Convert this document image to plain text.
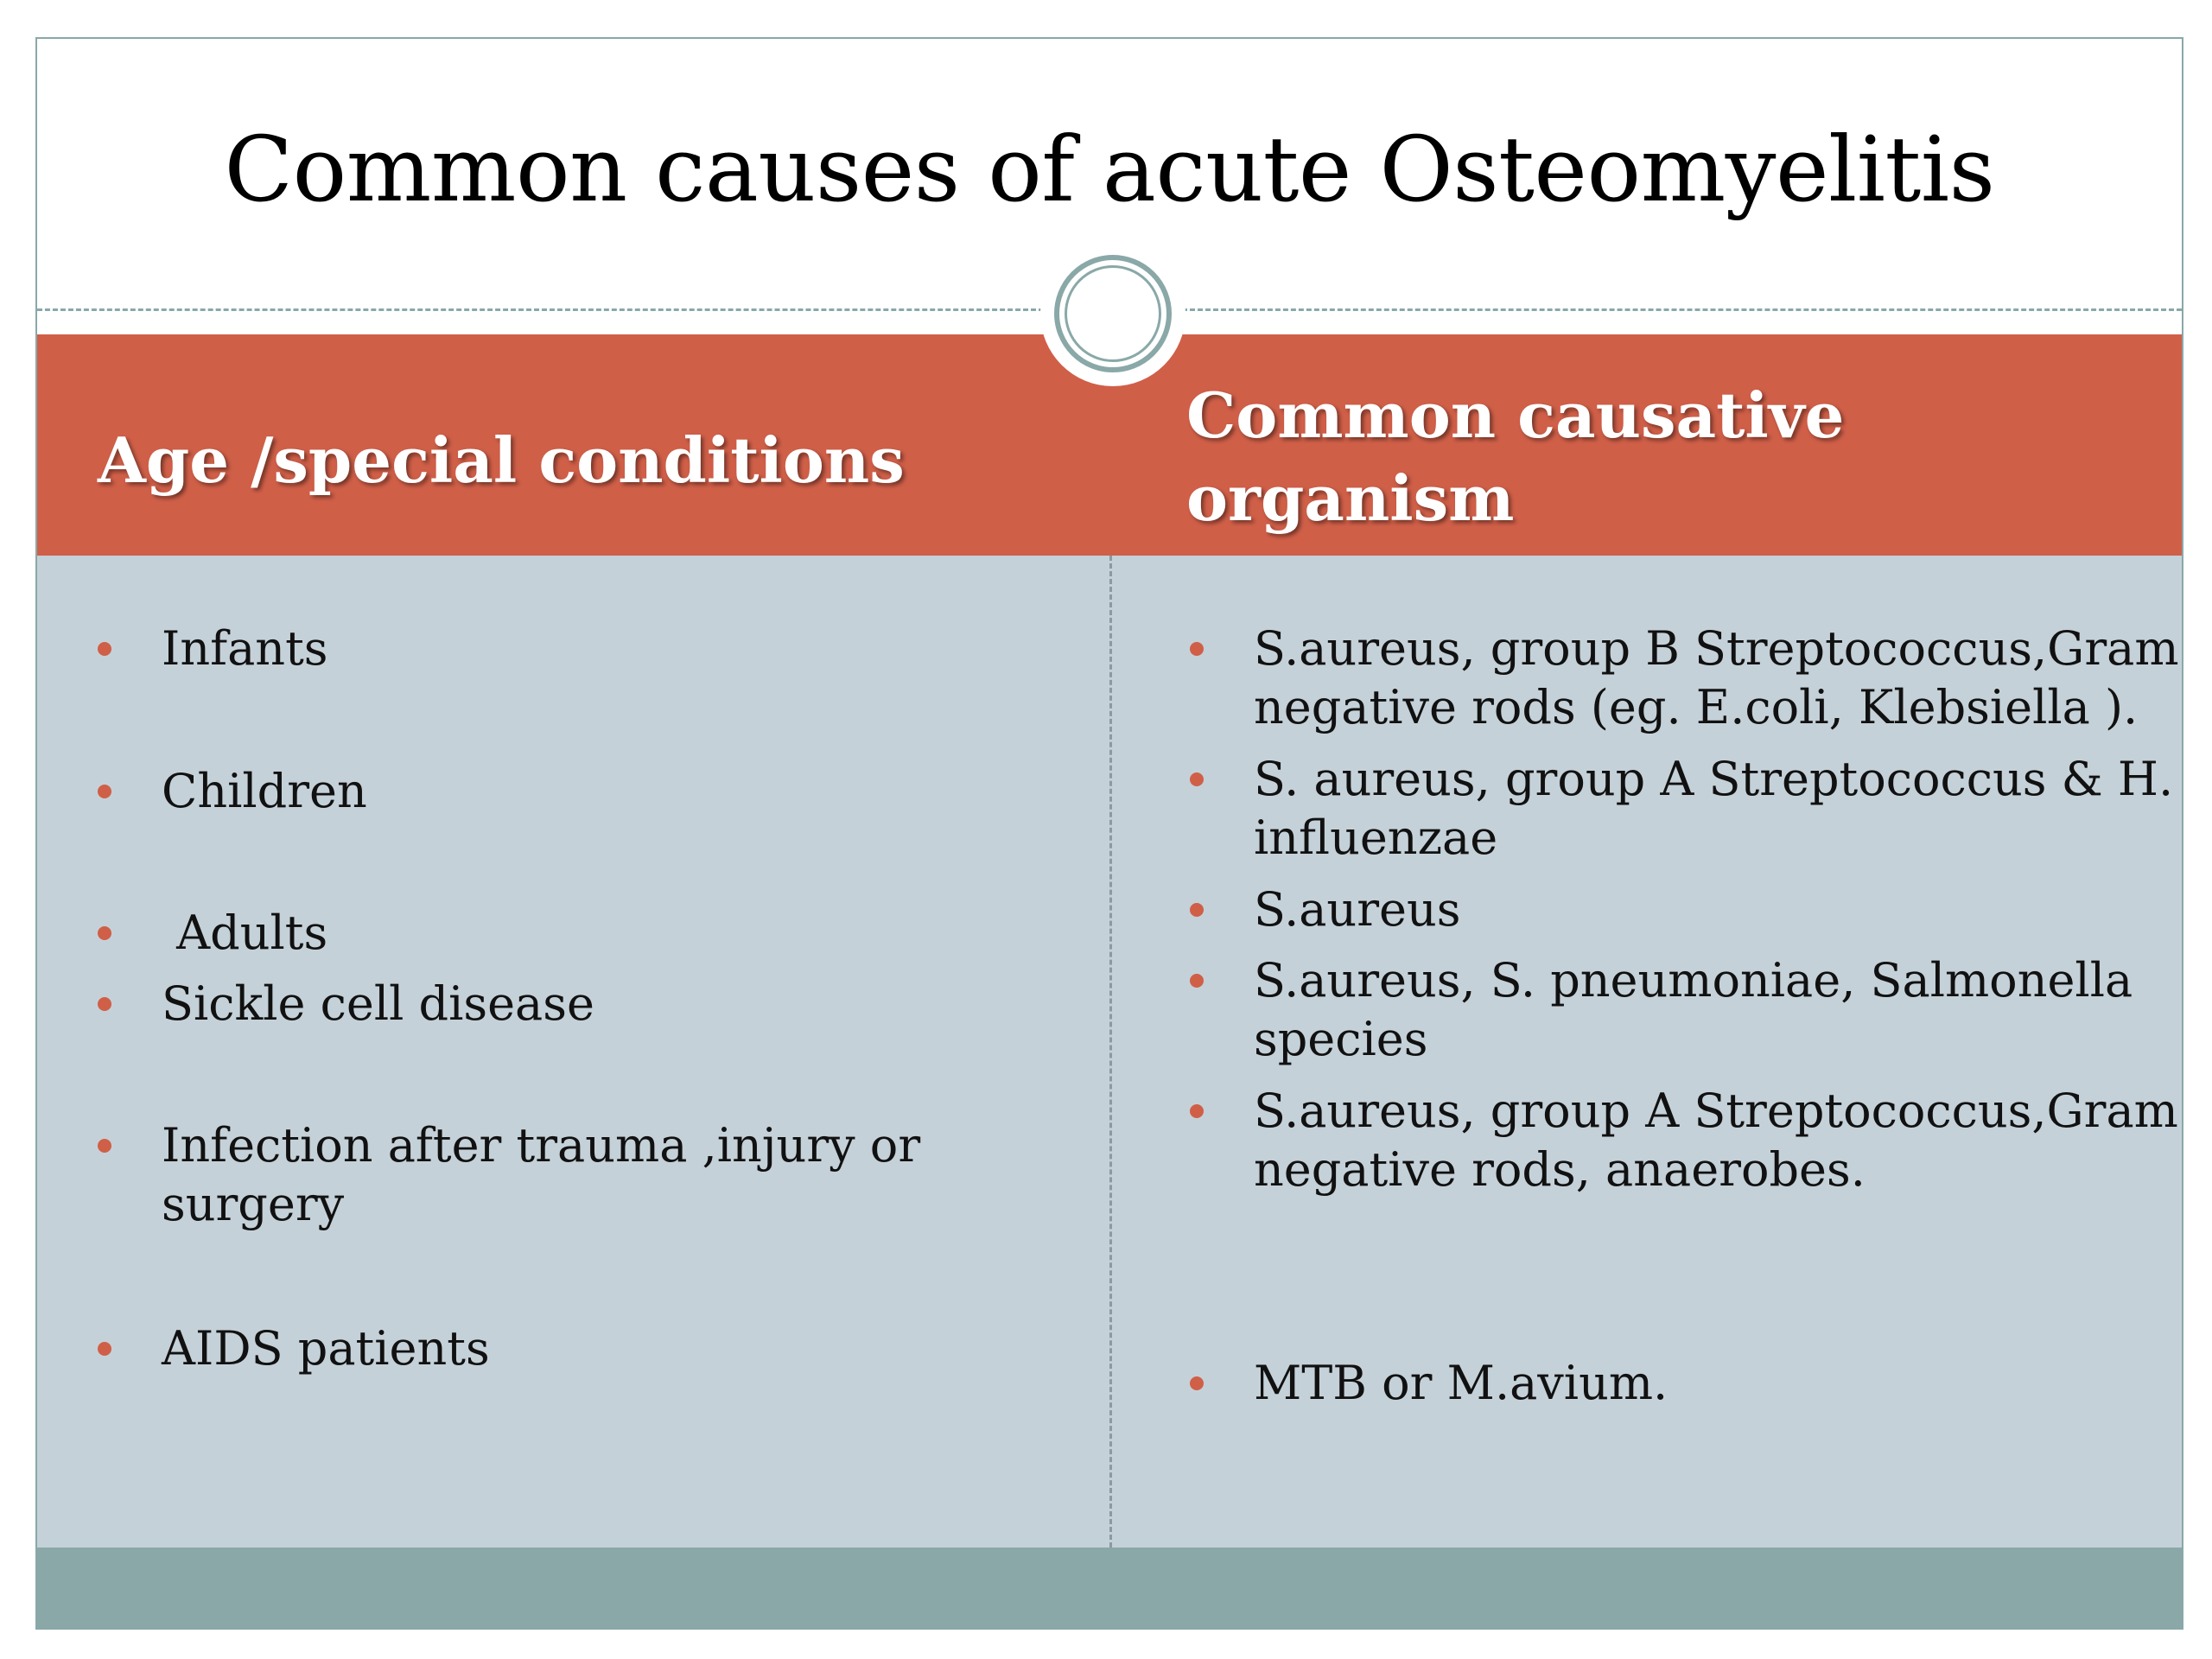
Common causes of acute Osteomyelitis
Age /special conditions
Common causative organism
Infants
Children
Adults
Sickle cell disease
Infection after trauma ,injury or surgery
AIDS patients
S.aureus, group B Streptococcus,Gram negative rods (eg. E.coli, Klebsiella ).
S. aureus, group A Streptococcus & H. influenzae
S.aureus
S.aureus, S. pneumoniae, Salmonella species
S.aureus, group A Streptococcus,Gram negative rods, anaerobes.
MTB or M.avium.
